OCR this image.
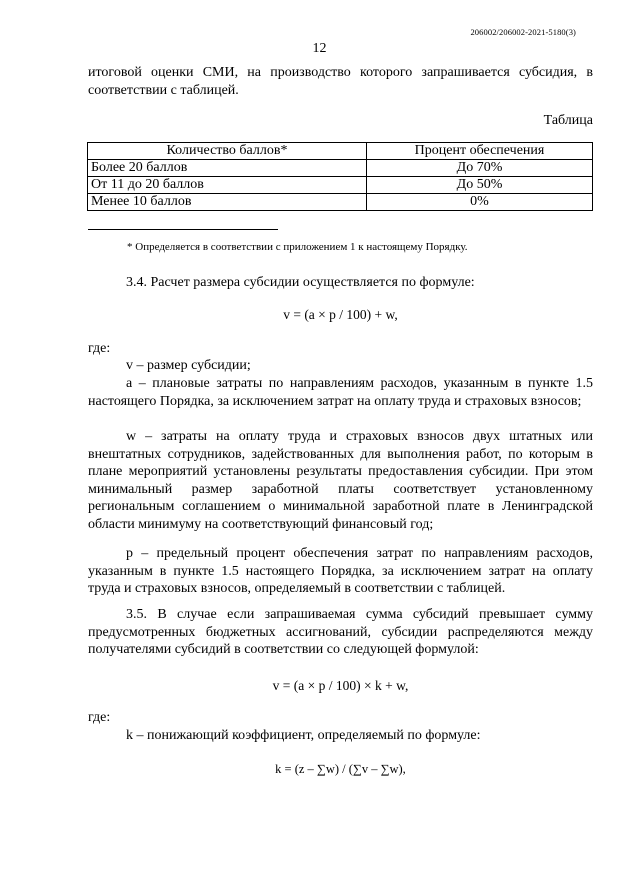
206002/206002-2021-5180(3)
12
итоговой оценки СМИ, на производство которого запрашивается субсидия, в соответствии с таблицей.
Таблица
Количество баллов*	Процент обеспечения
Более 20 баллов	До 70%
От 11 до 20 баллов	До 50%
Менее 10 баллов	0%
* Определяется в соответствии с приложением 1 к настоящему Порядку.
3.4. Расчет размера субсидии осуществляется по формуле:
v = (a × p / 100) + w,
где:
v – размер субсидии;
a – плановые затраты по направлениям расходов, указанным в пункте 1.5 настоящего Порядка, за исключением затрат на оплату труда и страховых взносов;
w – затраты на оплату труда и страховых взносов двух штатных или внештатных сотрудников, задействованных для выполнения работ, по которым в плане мероприятий установлены результаты предоставления субсидии. При этом минимальный размер заработной платы соответствует установленному региональным соглашением о минимальной заработной плате в Ленинградской области минимуму на соответствующий финансовый год;
p – предельный процент обеспечения затрат по направлениям расходов, указанным в пункте 1.5 настоящего Порядка, за исключением затрат на оплату труда и страховых взносов, определяемый в соответствии с таблицей.
3.5. В случае если запрашиваемая сумма субсидий превышает сумму предусмотренных бюджетных ассигнований, субсидии распределяются между получателями субсидий в соответствии со следующей формулой:
v = (a × p / 100) × k + w,
где:
k – понижающий коэффициент, определяемый по формуле:
k = (z – ∑w) / (∑v – ∑w),
